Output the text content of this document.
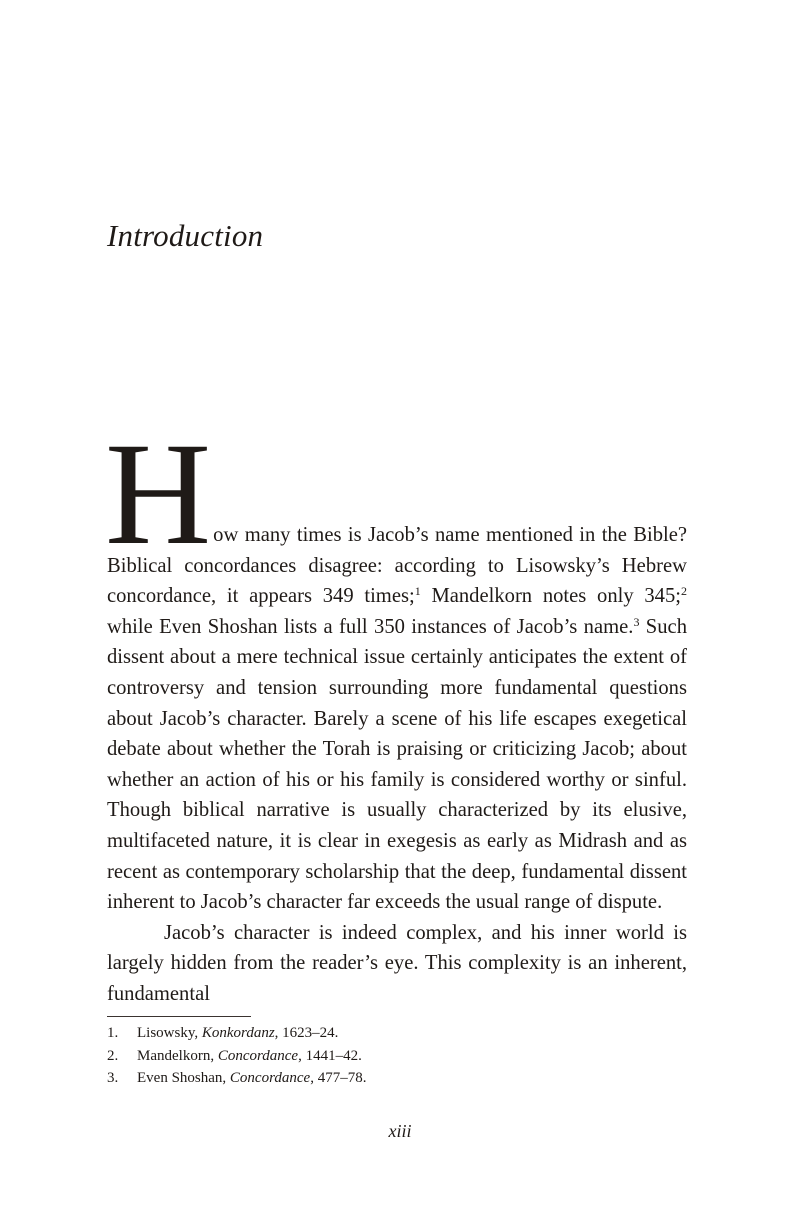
Introduction

How many times is Jacob’s name mentioned in the Bible? Biblical concordances disagree: according to Lisowsky’s Hebrew concordance, it appears 349 times;$^1$ Mandelkorn notes only 345;$^2$ while Even Shoshan lists a full 350 instances of Jacob’s name.$^3$ Such dissent about a mere technical issue certainly anticipates the extent of controversy and tension surrounding more fundamental questions about Jacob’s character. Barely a scene of his life escapes exegetical debate about whether the Torah is praising or criticizing Jacob; about whether an action of his or his family is considered worthy or sinful. Though biblical narrative is usually characterized by its elusive, multifaceted nature, it is clear in exegesis as early as Midrash and as recent as contemporary scholarship that the deep, fundamental dissent inherent to Jacob’s character far exceeds the usual range of dispute.

Jacob’s character is indeed complex, and his inner world is largely hidden from the reader’s eye. This complexity is an inherent, fundamental

1.	Lisowsky, Konkordanz, 1623–24.
2.	Mandelkorn, Concordance, 1441–42.
3.	Even Shoshan, Concordance, 477–78.
xiii
